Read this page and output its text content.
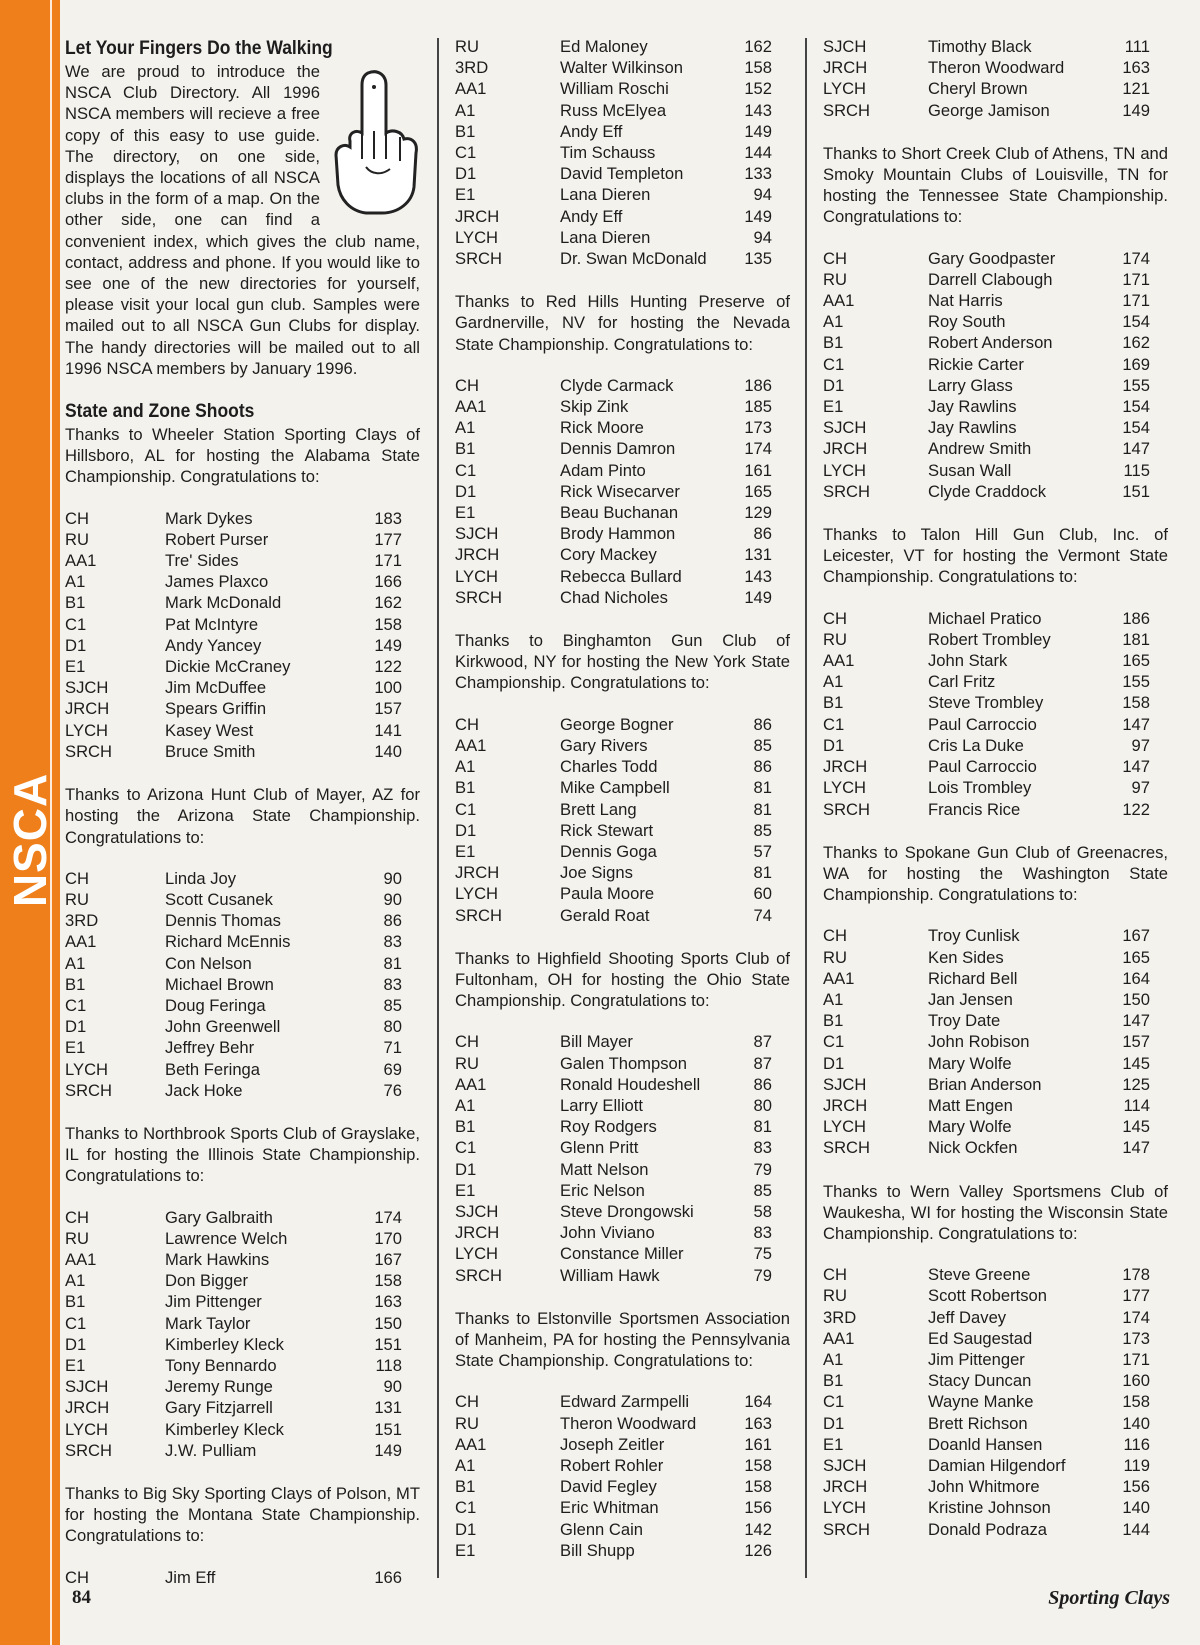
NSCA
Let Your Fingers Do the Walking

We are proud to introduce the NSCA Club Directory. All 1996 NSCA members will recieve a free copy of this easy to use guide. The directory, on one side, displays the locations of all NSCA clubs in the form of a map. On the other side, one can find a convenient index, which gives the club name, contact, address and phone. If you would like to see one of the new directories for yourself, please visit your local gun club. Samples were mailed out to all NSCA Gun Clubs for display. The handy directories will be mailed out to all 1996 NSCA members by January 1996.

State and Zone Shoots

Thanks to Wheeler Station Sporting Clays of Hillsboro, AL for hosting the Alabama State Championship. Congratulations to:

CH	Mark Dykes	183
RU	Robert Purser	177
AA1	Tre' Sides	171
A1	James Plaxco	166
B1	Mark McDonald	162
C1	Pat McIntyre	158
D1	Andy Yancey	149
E1	Dickie McCraney	122
SJCH	Jim McDuffee	100
JRCH	Spears Griffin	157
LYCH	Kasey West	141
SRCH	Bruce Smith	140

Thanks to Arizona Hunt Club of Mayer, AZ for hosting the Arizona State Championship. Congratulations to:

CH	Linda Joy	90
RU	Scott Cusanek	90
3RD	Dennis Thomas	86
AA1	Richard McEnnis	83
A1	Con Nelson	81
B1	Michael Brown	83
C1	Doug Feringa	85
D1	John Greenwell	80
E1	Jeffrey Behr	71
LYCH	Beth Feringa	69
SRCH	Jack Hoke	76

Thanks to Northbrook Sports Club of Grayslake, IL for hosting the Illinois State Championship. Congratulations to:

CH	Gary Galbraith	174
RU	Lawrence Welch	170
AA1	Mark Hawkins	167
A1	Don Bigger	158
B1	Jim Pittenger	163
C1	Mark Taylor	150
D1	Kimberley Kleck	151
E1	Tony Bennardo	118
SJCH	Jeremy Runge	90
JRCH	Gary Fitzjarrell	131
LYCH	Kimberley Kleck	151
SRCH	J.W. Pulliam	149

Thanks to Big Sky Sporting Clays of Polson, MT for hosting the Montana State Championship. Congratulations to:

CH	Jim Eff	166
RU	Ed Maloney	162
3RD	Walter Wilkinson	158
AA1	William Roschi	152
A1	Russ McElyea	143
B1	Andy Eff	149
C1	Tim Schauss	144
D1	David Templeton	133
E1	Lana Dieren	94
JRCH	Andy Eff	149
LYCH	Lana Dieren	94
SRCH	Dr. Swan McDonald	135

Thanks to Red Hills Hunting Preserve of Gardnerville, NV for hosting the Nevada State Championship. Congratulations to:

CH	Clyde Carmack	186
AA1	Skip Zink	185
A1	Rick Moore	173
B1	Dennis Damron	174
C1	Adam Pinto	161
D1	Rick Wisecarver	165
E1	Beau Buchanan	129
SJCH	Brody Hammon	86
JRCH	Cory Mackey	131
LYCH	Rebecca Bullard	143
SRCH	Chad Nicholes	149

Thanks to Binghamton Gun Club of Kirkwood, NY for hosting the New York State Championship. Congratulations to:

CH	George Bogner	86
AA1	Gary Rivers	85
A1	Charles Todd	86
B1	Mike Campbell	81
C1	Brett Lang	81
D1	Rick Stewart	85
E1	Dennis Goga	57
JRCH	Joe Signs	81
LYCH	Paula Moore	60
SRCH	Gerald Roat	74

Thanks to Highfield Shooting Sports Club of Fultonham, OH for hosting the Ohio State Championship. Congratulations to:

CH	Bill Mayer	87
RU	Galen Thompson	87
AA1	Ronald Houdeshell	86
A1	Larry Elliott	80
B1	Roy Rodgers	81
C1	Glenn Pritt	83
D1	Matt Nelson	79
E1	Eric Nelson	85
SJCH	Steve Drongowski	58
JRCH	John Viviano	83
LYCH	Constance Miller	75
SRCH	William Hawk	79

Thanks to Elstonville Sportsmen Association of Manheim, PA for hosting the Pennsylvania State Championship. Congratulations to:

CH	Edward Zarmpelli	164
RU	Theron Woodward	163
AA1	Joseph Zeitler	161
A1	Robert Rohler	158
B1	David Fegley	158
C1	Eric Whitman	156
D1	Glenn Cain	142
E1	Bill Shupp	126
SJCH	Timothy Black	111
JRCH	Theron Woodward	163
LYCH	Cheryl Brown	121
SRCH	George Jamison	149

Thanks to Short Creek Club of Athens, TN and Smoky Mountain Clubs of Louisville, TN for hosting the Tennessee State Championship. Congratulations to:

CH	Gary Goodpaster	174
RU	Darrell Clabough	171
AA1	Nat Harris	171
A1	Roy South	154
B1	Robert Anderson	162
C1	Rickie Carter	169
D1	Larry Glass	155
E1	Jay Rawlins	154
SJCH	Jay Rawlins	154
JRCH	Andrew Smith	147
LYCH	Susan Wall	115
SRCH	Clyde Craddock	151

Thanks to Talon Hill Gun Club, Inc. of Leicester, VT for hosting the Vermont State Championship. Congratulations to:

CH	Michael Pratico	186
RU	Robert Trombley	181
AA1	John Stark	165
A1	Carl Fritz	155
B1	Steve Trombley	158
C1	Paul Carroccio	147
D1	Cris La Duke	97
JRCH	Paul Carroccio	147
LYCH	Lois Trombley	97
SRCH	Francis Rice	122

Thanks to Spokane Gun Club of Greenacres, WA for hosting the Washington State Championship. Congratulations to:

CH	Troy Cunlisk	167
RU	Ken Sides	165
AA1	Richard Bell	164
A1	Jan Jensen	150
B1	Troy Date	147
C1	John Robison	157
D1	Mary Wolfe	145
SJCH	Brian Anderson	125
JRCH	Matt Engen	114
LYCH	Mary Wolfe	145
SRCH	Nick Ockfen	147

Thanks to Wern Valley Sportsmens Club of Waukesha, WI for hosting the Wisconsin State Championship. Congratulations to:

CH	Steve Greene	178
RU	Scott Robertson	177
3RD	Jeff Davey	174
AA1	Ed Saugestad	173
A1	Jim Pittenger	171
B1	Stacy Duncan	160
C1	Wayne Manke	158
D1	Brett Richson	140
E1	Doanld Hansen	116
SJCH	Damian Hilgendorf	119
JRCH	John Whitmore	156
LYCH	Kristine Johnson	140
SRCH	Donald Podraza	144
84	Sporting Clays
